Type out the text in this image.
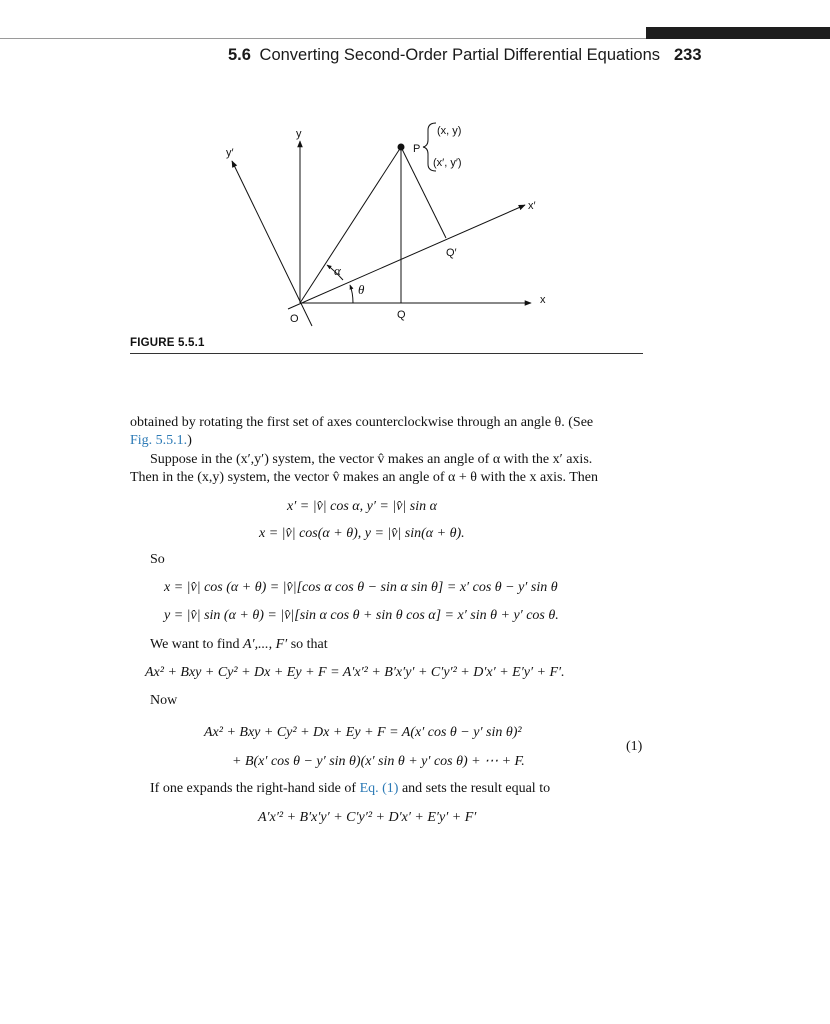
5.6 Converting Second-Order Partial Differential Equations 233
y
y′
x
x′
O
P
Q
Q′
(x, y)
(x′, y′)
α
θ
FIGURE 5.5.1
obtained by rotating the first set of axes counterclockwise through an angle θ. (See
Fig. 5.5.1.)
Suppose in the (x′,y′) system, the vector v̂ makes an angle of α with the x′ axis.
Then in the (x,y) system, the vector v̂ makes an angle of α + θ with the x axis. Then
x′ = |v̂| cos α, y′ = |v̂| sin α
x = |v̂| cos(α + θ), y = |v̂| sin(α + θ).
So
x = |v̂| cos (α + θ) = |v̂|[cos α cos θ − sin α sin θ] = x′ cos θ − y′ sin θ
y = |v̂| sin (α + θ) = |v̂|[sin α cos θ + sin θ cos α] = x′ sin θ + y′ cos θ.
We want to find A′,..., F′ so that
Ax² + Bxy + Cy² + Dx + Ey + F = A′x′² + B′x′y′ + C′y′² + D′x′ + E′y′ + F′.
Now
Ax² + Bxy + Cy² + Dx + Ey + F = A(x′ cos θ − y′ sin θ)²
+ B(x′ cos θ − y′ sin θ)(x′ sin θ + y′ cos θ) + ⋯ + F.
(1)
If one expands the right-hand side of Eq. (1) and sets the result equal to
A′x′² + B′x′y′ + C′y′² + D′x′ + E′y′ + F′
